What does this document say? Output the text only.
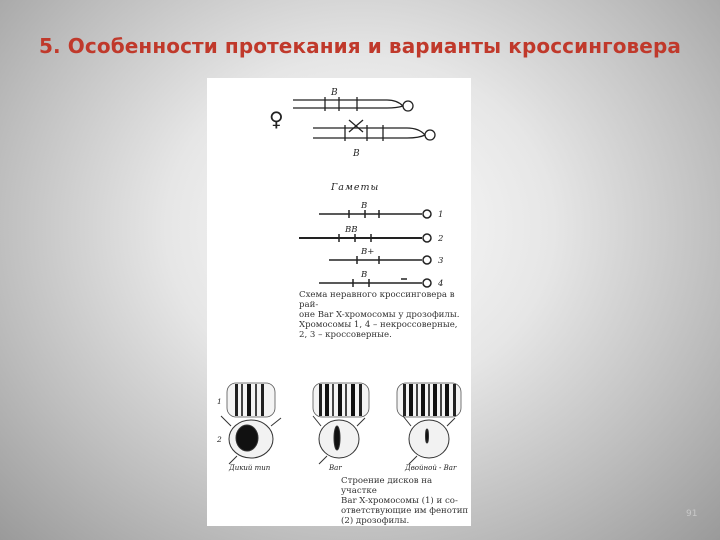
5. Особенности протекания и варианты кроссинговера
♀
B
B
Гаметы
B
BB
B+
B
1
2
3
4
1
2
Дикий тип	Bar	Двойной - Bar
Схема неравного кроссинговера в рай-
оне Bar X-хромосомы у дрозофилы.
Хромосомы 1, 4 – некроссоверные,
2, 3 – кроссоверные.
Строение дисков на участке
Bar X-хромосомы (1) и со-
ответствующие им фенотип
(2) дрозофилы.
91
